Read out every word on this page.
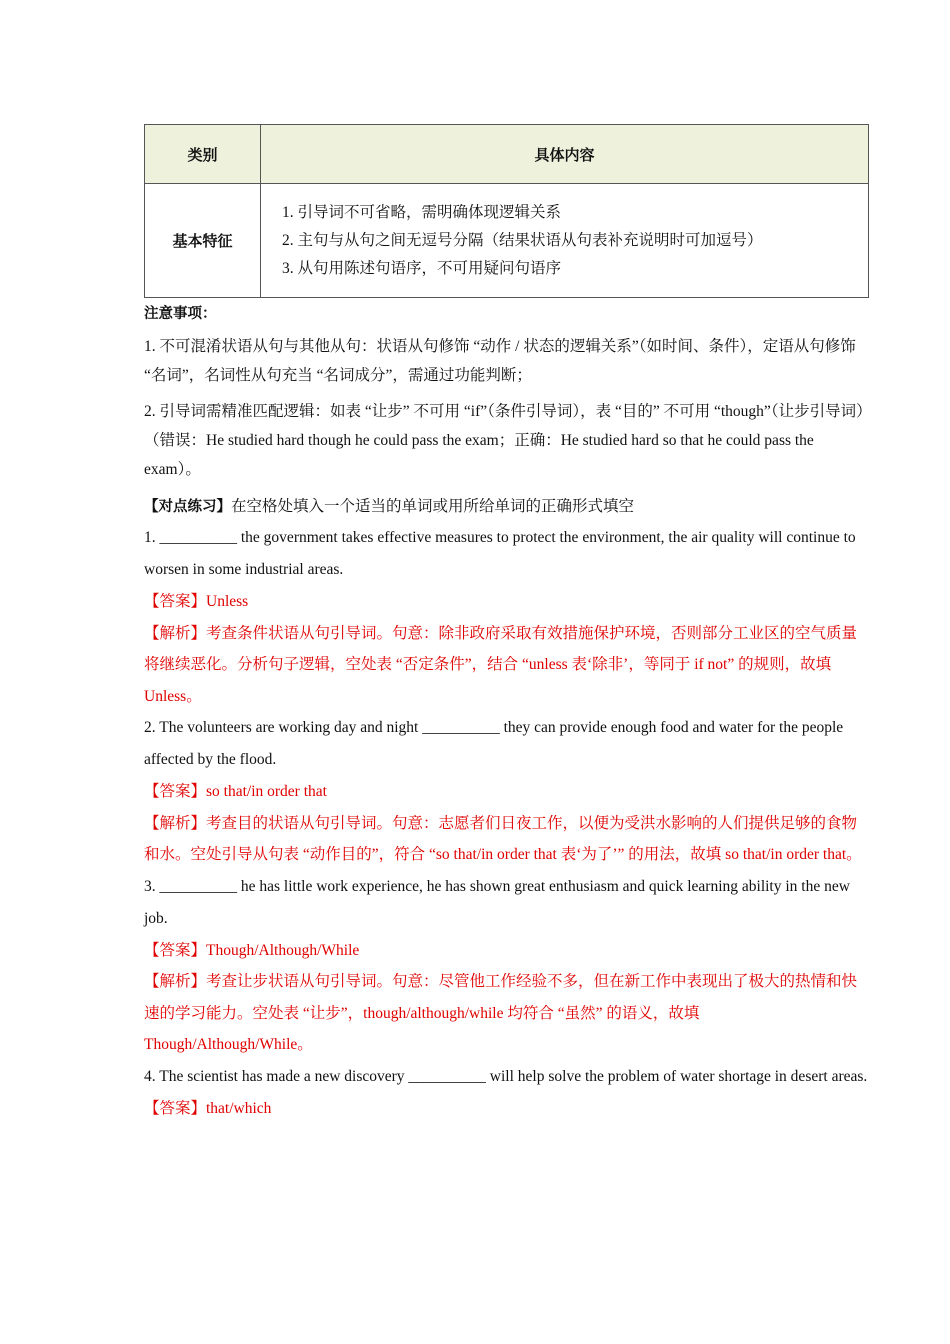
类别	具体内容
基本特征	1. 引导词不可省略，需明确体现逻辑关系
2. 主句与从句之间无逗号分隔（结果状语从句表补充说明时可加逗号）
3. 从句用陈述句语序，不可用疑问句语序
注意事项：
1. 不可混淆状语从句与其他从句：状语从句修饰 “动作 / 状态的逻辑关系”（如时间、条件），定语从句修饰 “名词”，名词性从句充当 “名词成分”，需通过功能判断；
2. 引导词需精准匹配逻辑：如表 “让步” 不可用 “if”（条件引导词），表 “目的” 不可用 “though”（让步引导词）（错误：He studied hard though he could pass the exam；正确：He studied hard so that he could pass the exam）。
【对点练习】在空格处填入一个适当的单词或用所给单词的正确形式填空
1. __________ the government takes effective measures to protect the environment, the air quality will continue to worsen in some industrial areas.
【答案】Unless
【解析】考查条件状语从句引导词。句意：除非政府采取有效措施保护环境，否则部分工业区的空气质量将继续恶化。分析句子逻辑，空处表 “否定条件”，结合 “unless 表‘除非’，等同于 if not” 的规则，故填 Unless。
2. The volunteers are working day and night __________ they can provide enough food and water for the people affected by the flood.
【答案】so that/in order that
【解析】考查目的状语从句引导词。句意：志愿者们日夜工作，以便为受洪水影响的人们提供足够的食物和水。空处引导从句表 “动作目的”，符合 “so that/in order that 表‘为了’” 的用法，故填 so that/in order that。
3. __________ he has little work experience, he has shown great enthusiasm and quick learning ability in the new job.
【答案】Though/Although/While
【解析】考查让步状语从句引导词。句意：尽管他工作经验不多，但在新工作中表现出了极大的热情和快速的学习能力。空处表 “让步”，though/although/while 均符合 “虽然” 的语义，故填 Though/Although/While。
4. The scientist has made a new discovery __________ will help solve the problem of water shortage in desert areas.
【答案】that/which
